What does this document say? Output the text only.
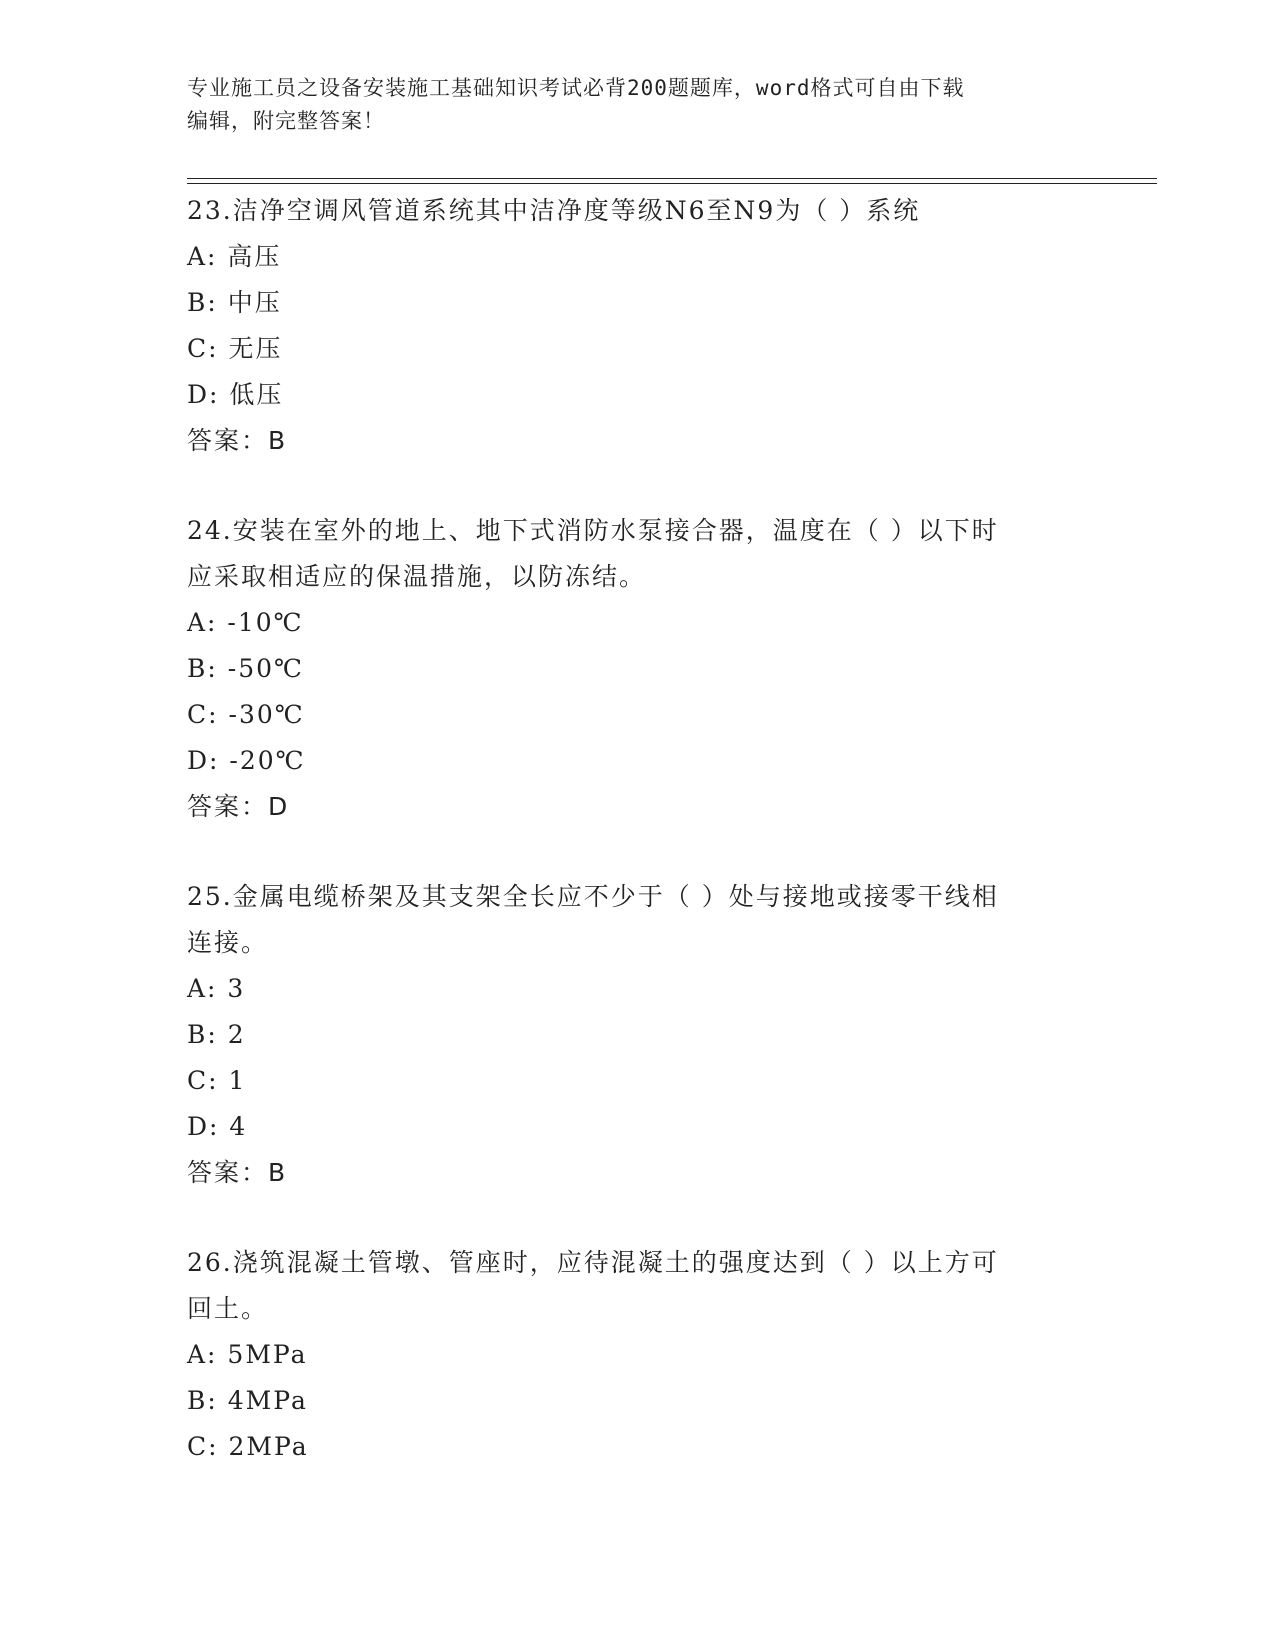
专业施工员之设备安装施工基础知识考试必背200题题库，word格式可自由下载
编辑，附完整答案！
23.洁净空调风管道系统其中洁净度等级N6至N9为（ ）系统
A: 高压
B: 中压
C: 无压
D: 低压
答案：B
24.安装在室外的地上、地下式消防水泵接合器，温度在（ ）以下时
应采取相适应的保温措施，以防冻结。
A: -10℃
B: -50℃
C: -30℃
D: -20℃
答案：D
25.金属电缆桥架及其支架全长应不少于（ ）处与接地或接零干线相
连接。
A: 3
B: 2
C: 1
D: 4
答案：B
26.浇筑混凝土管墩、管座时，应待混凝土的强度达到（ ）以上方可
回土。
A: 5MPa
B: 4MPa
C: 2MPa
